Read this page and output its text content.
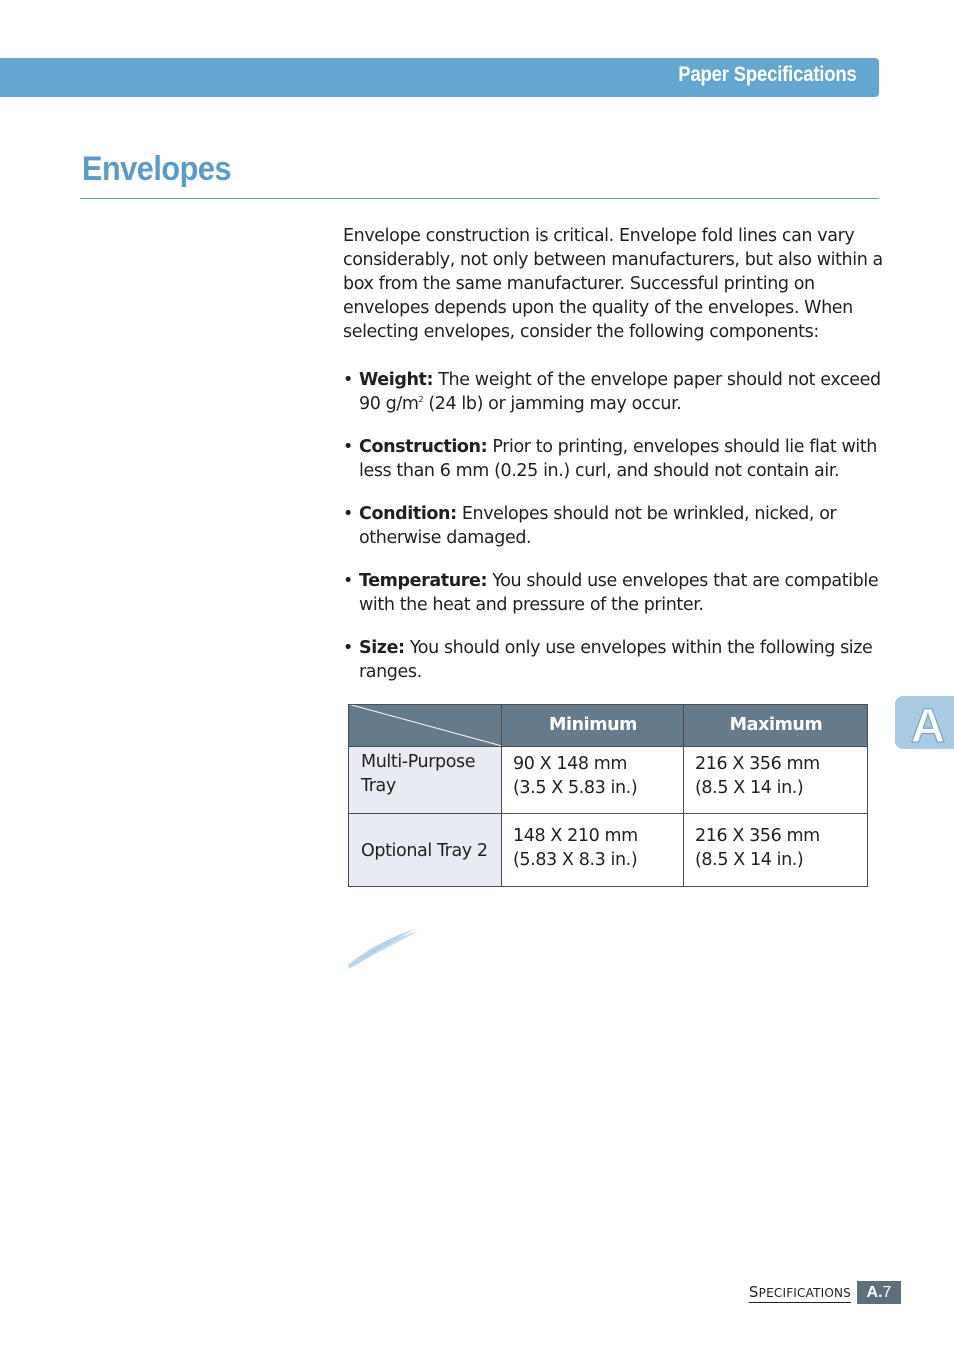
Paper Specifications
Envelopes

Envelope construction is critical. Envelope fold lines can vary considerably, not only between manufacturers, but also within a box from the same manufacturer. Successful printing on envelopes depends upon the quality of the envelopes. When selecting envelopes, consider the following components:

• Weight: The weight of the envelope paper should not exceed 90 $g/m^2$ (24 lb) or jamming may occur.
• Construction: Prior to printing, envelopes should lie flat with less than 6 mm (0.25 in.) curl, and should not contain air.
• Condition: Envelopes should not be wrinkled, nicked, or otherwise damaged.
• Temperature: You should use envelopes that are compatible with the heat and pressure of the printer.
• Size: You should only use envelopes within the following size ranges.
Minimum	Maximum
Multi-Purpose Tray
90 X 148 mm
(3.5 X 5.83 in.)
216 X 356 mm
(8.5 X 14 in.)
Optional Tray 2
148 X 210 mm
(5.83 X 8.3 in.)
216 X 356 mm
(8.5 X 14 in.)
A
SPECIFICATIONS A. 7
